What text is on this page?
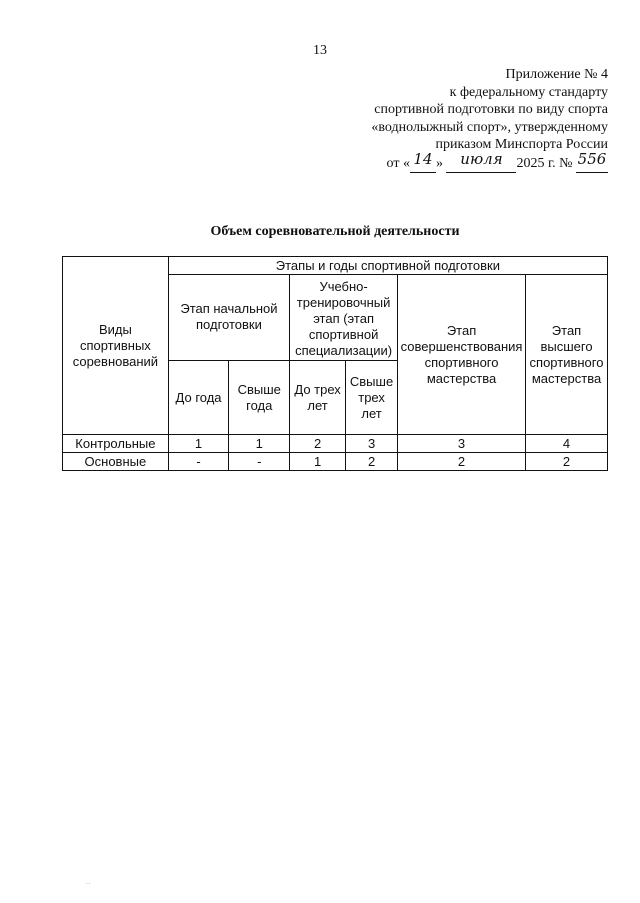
13
Приложение № 4
к федеральному стандарту
спортивной подготовки по виду спорта
«воднолыжный спорт», утвержденному
приказом Минспорта России
от « 14 » июля 2025 г. № 556
Объем соревновательной деятельности
Виды спортивных соревнований	Этапы и годы спортивной подготовки					
	Этап начальной подготовки		Учебно-тренировочный этап (этап спортивной специализации)		Этап совершенствования спортивного мастерства	Этап высшего спортивного мастерства
	До года	Свыше года	До трех лет	Свыше трех лет		
Контрольные	1	1	2	3	3	4
Основные	-	-	1	2	2	2
. .
